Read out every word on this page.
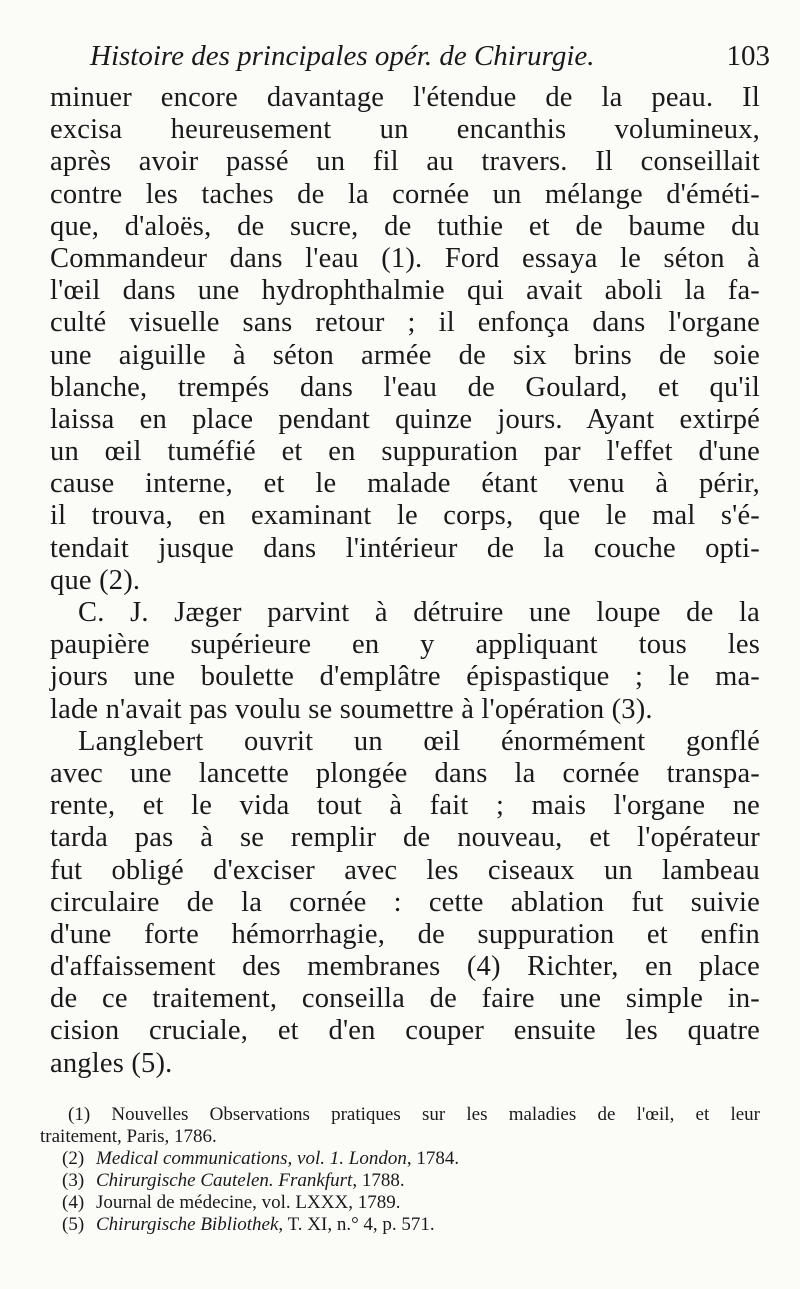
Histoire des principales opér. de Chirurgie.	103
minuer encore davantage l'étendue de la peau. Il
excisa heureusement un encanthis volumineux,
après avoir passé un fil au travers. Il conseillait
contre les taches de la cornée un mélange d'éméti-
que, d'aloës, de sucre, de tuthie et de baume du
Commandeur dans l'eau (1). Ford essaya le séton à
l'œil dans une hydrophthalmie qui avait aboli la fa-
culté visuelle sans retour ; il enfonça dans l'organe
une aiguille à séton armée de six brins de soie
blanche, trempés dans l'eau de Goulard, et qu'il
laissa en place pendant quinze jours. Ayant extirpé
un œil tuméfié et en suppuration par l'effet d'une
cause interne, et le malade étant venu à périr,
il trouva, en examinant le corps, que le mal s'é-
tendait jusque dans l'intérieur de la couche opti-
que (2).
C. J. Jæger parvint à détruire une loupe de la
paupière supérieure en y appliquant tous les
jours une boulette d'emplâtre épispastique ; le ma-
lade n'avait pas voulu se soumettre à l'opération (3).
Langlebert ouvrit un œil énormément gonflé
avec une lancette plongée dans la cornée transpa-
rente, et le vida tout à fait ; mais l'organe ne
tarda pas à se remplir de nouveau, et l'opérateur
fut obligé d'exciser avec les ciseaux un lambeau
circulaire de la cornée : cette ablation fut suivie
d'une forte hémorrhagie, de suppuration et enfin
d'affaissement des membranes (4) Richter, en place
de ce traitement, conseilla de faire une simple in-
cision cruciale, et d'en couper ensuite les quatre
angles (5).
(1) Nouvelles Observations pratiques sur les maladies de l'œil, et leur
traitement, Paris, 1786.
(2) Medical communications, vol. 1. London, 1784.
(3) Chirurgische Cautelen. Frankfurt, 1788.
(4) Journal de médecine, vol. LXXX, 1789.
(5) Chirurgische Bibliothek, T. XI, n.° 4, p. 571.
